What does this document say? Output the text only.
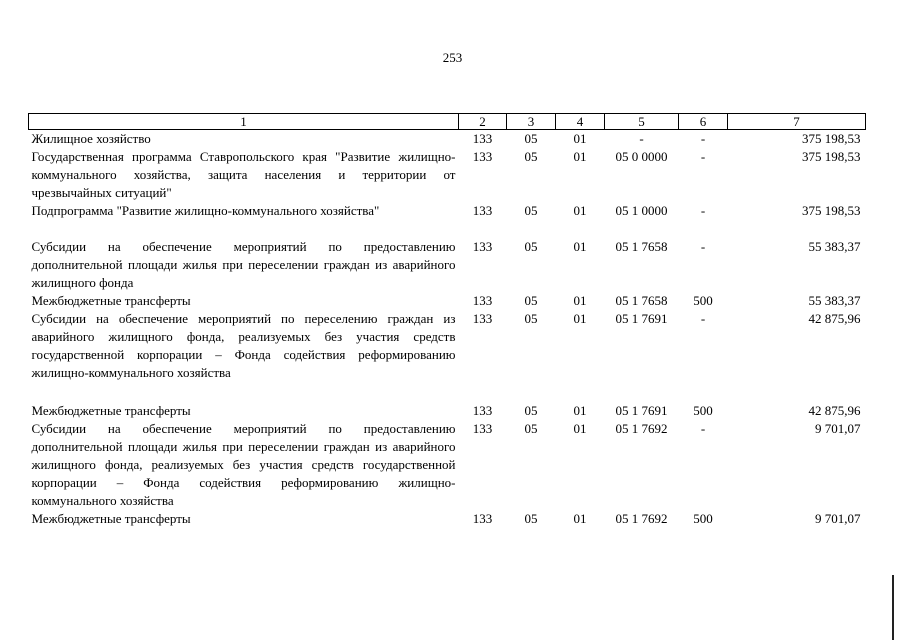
253
1	2	3	4	5	6	7
Жилищное хозяйство	133	05	01	-	-	375 198,53
Государственная программа Ставропольского края "Развитие жилищно-коммунального хозяйства, защита населения и территории от чрезвычайных ситуаций"	133	05	01	05 0 0000	-	375 198,53
Подпрограмма "Развитие жилищно-коммунального хозяйства"	133	05	01	05 1 0000	-	375 198,53
Субсидии на обеспечение мероприятий по предоставлению дополнительной площади жилья при переселении граждан из аварийного жилищного фонда	133	05	01	05 1 7658	-	55 383,37
Межбюджетные трансферты	133	05	01	05 1 7658	500	55 383,37
Субсидии на обеспечение мероприятий по переселению граждан из аварийного жилищного фонда, реализуемых без участия средств государственной корпорации – Фонда содействия реформированию жилищно-коммунального хозяйства	133	05	01	05 1 7691	-	42 875,96
Межбюджетные трансферты	133	05	01	05 1 7691	500	42 875,96
Субсидии на обеспечение мероприятий по предоставлению дополнительной площади жилья при переселении граждан из аварийного жилищного фонда, реализуемых без участия средств государственной корпорации – Фонда содействия реформированию жилищно-коммунального хозяйства	133	05	01	05 1 7692	-	9 701,07
Межбюджетные трансферты	133	05	01	05 1 7692	500	9 701,07
